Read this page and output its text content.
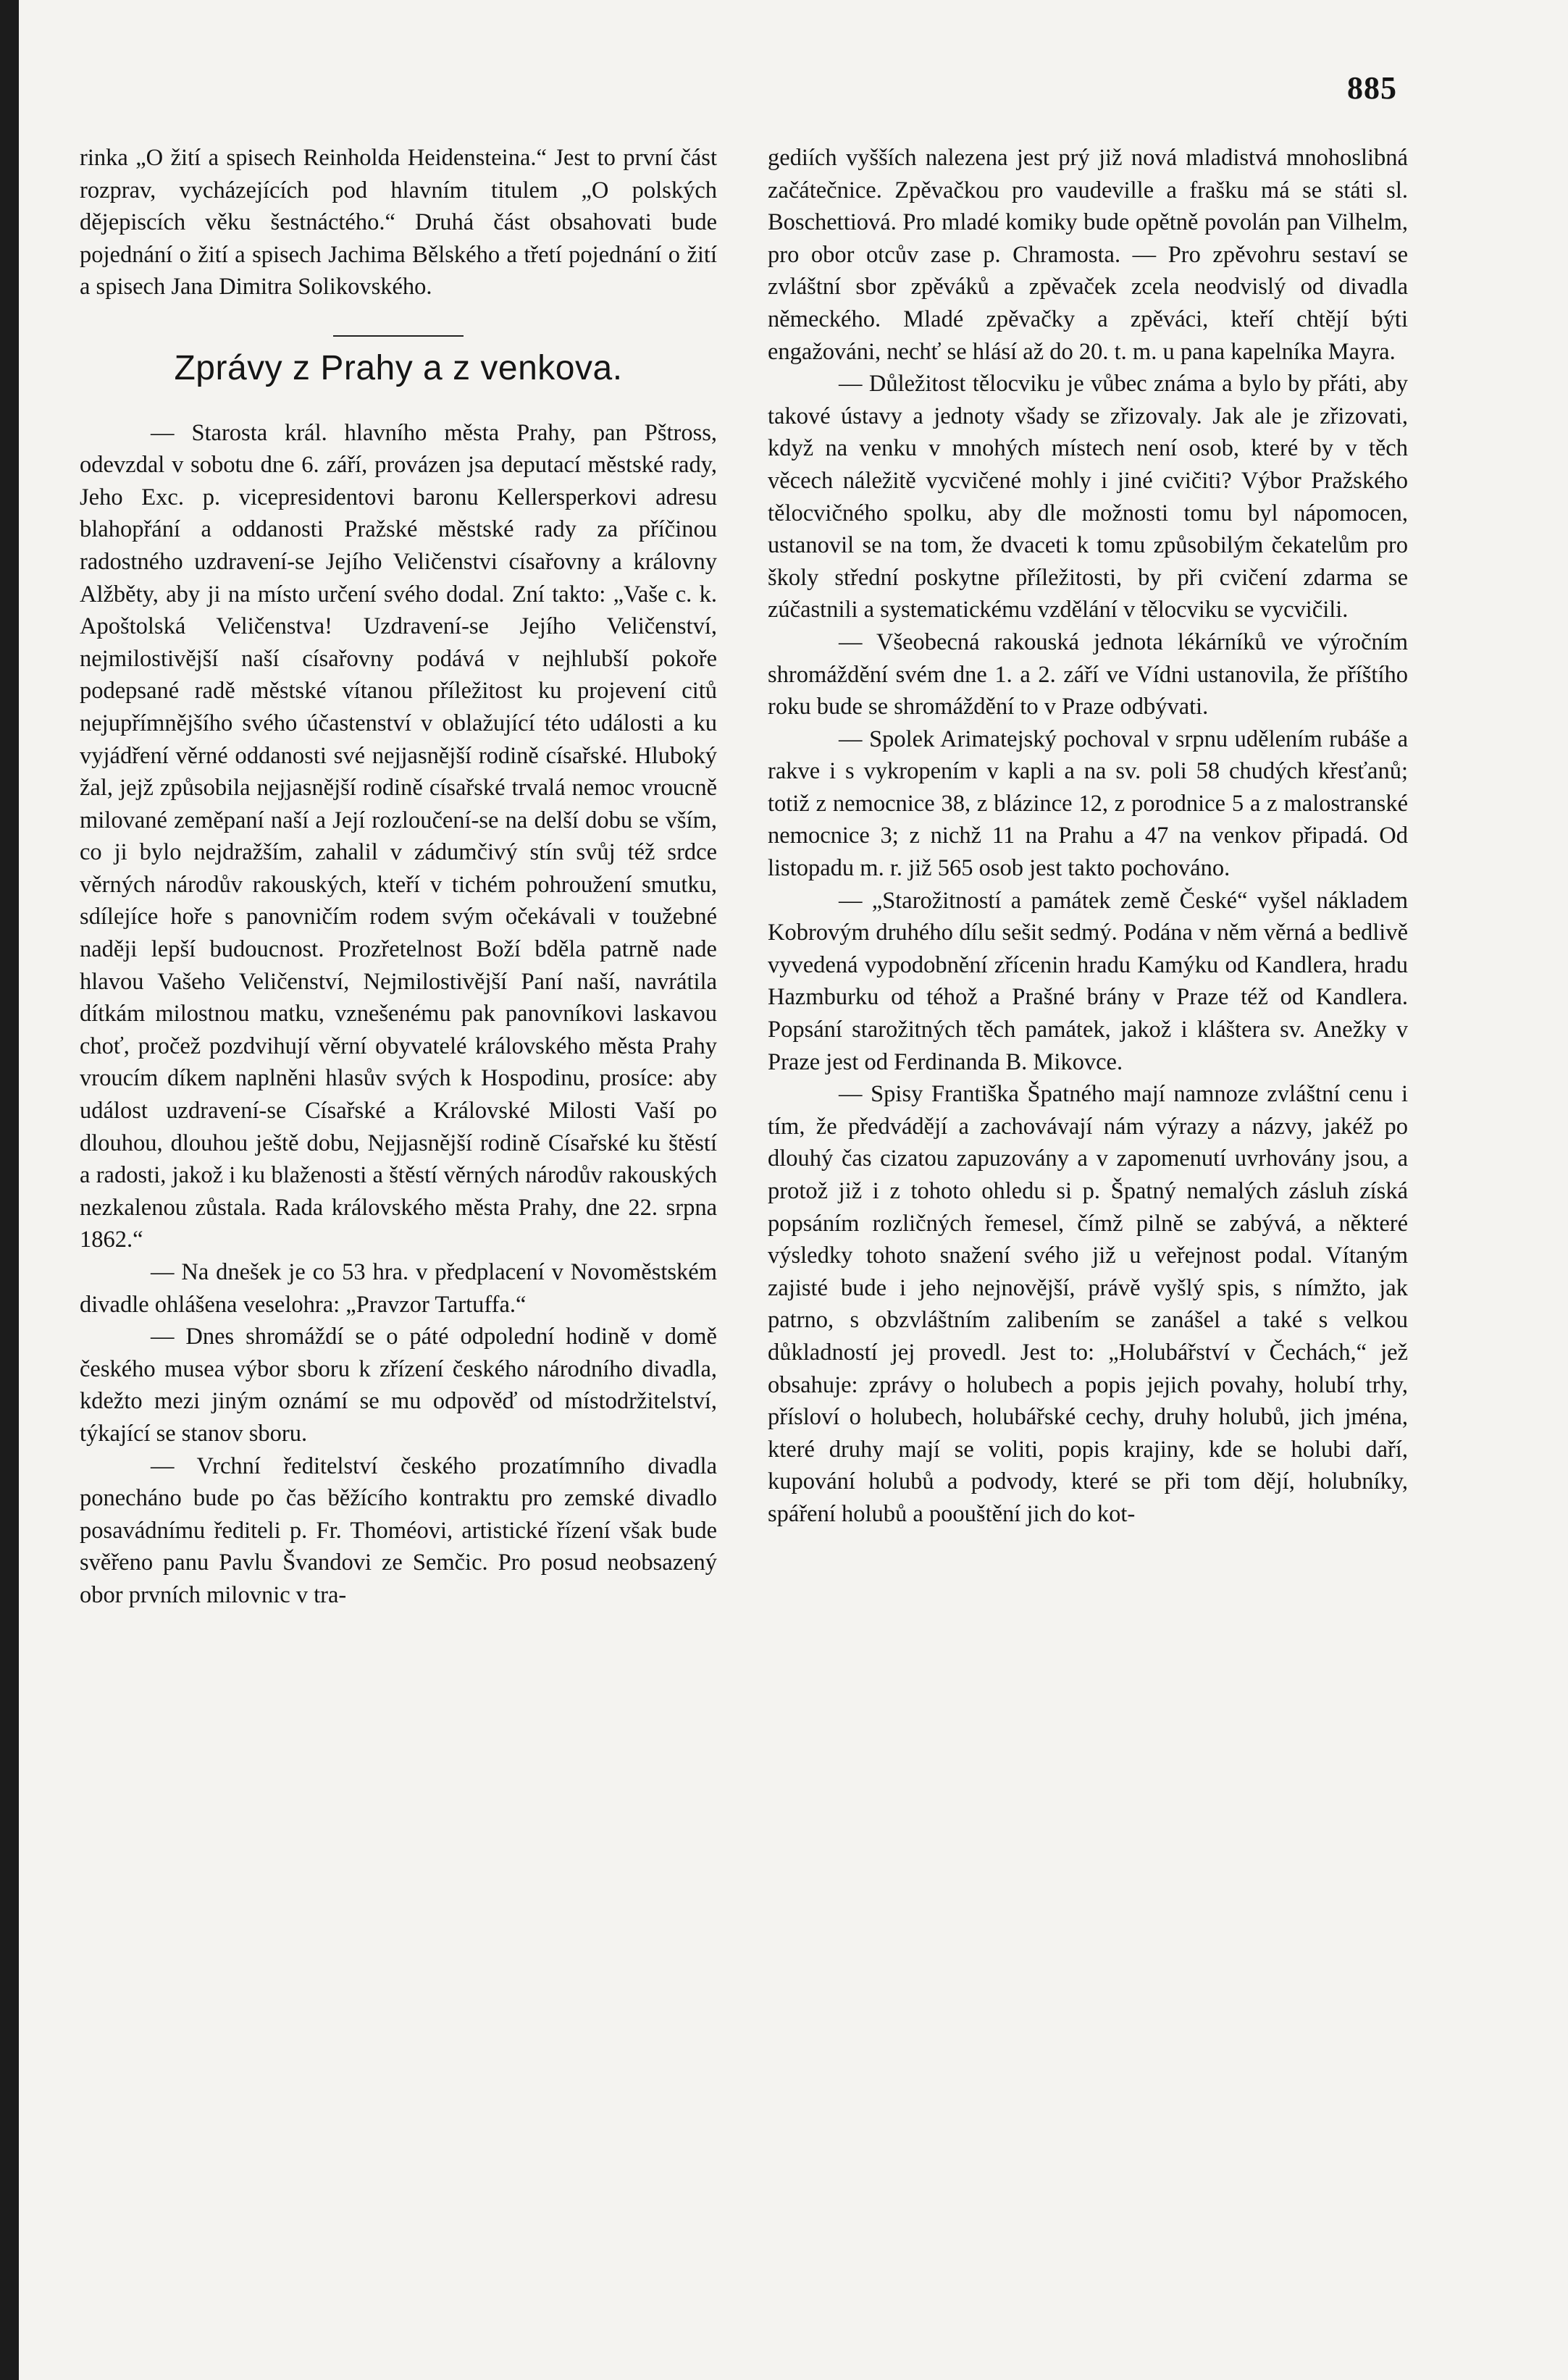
885

rinka „O žití a spisech Reinholda Heidensteina.“ Jest to první část rozprav, vycházejících pod hlavním titulem „O polských dějepiscích věku šestnáctého.“ Druhá část obsahovati bude pojednání o žití a spisech Jachima Bělského a třetí pojednání o žití a spisech Jana Dimitra Solikovského.

Zprávy z Prahy a z venkova.

— Starosta král. hlavního města Prahy, pan Pštross, odevzdal v sobotu dne 6. září, provázen jsa deputací městské rady, Jeho Exc. p. vicepresidentovi baronu Kellersperkovi adresu blahopřání a oddanosti Pražské městské rady za příčinou radostného uzdravení-se Jejího Veličenstvi císařovny a královny Alžběty, aby ji na místo určení svého dodal. Zní takto: „Vaše c. k. Apoštolská Veličenstva! Uzdravení-se Jejího Veličenství, nejmilostivější naší císařovny podává v nejhlubší pokoře podepsané radě městské vítanou příležitost ku projevení citů nejupřímnějšího svého účastenství v oblažující této události a ku vyjádření věrné oddanosti své nejjasnější rodině císařské. Hluboký žal, jejž způsobila nejjasnější rodině císařské trvalá nemoc vroucně milované zeměpaní naší a Její rozloučení-se na delší dobu se vším, co ji bylo nejdražším, zahalil v zádumčivý stín svůj též srdce věrných národův rakouských, kteří v tichém pohroužení smutku, sdílejíce hoře s panovničím rodem svým očekávali v toužebné naději lepší budoucnost. Prozřetelnost Boží bděla patrně nade hlavou Vašeho Veličenství, Nejmilostivější Paní naší, navrátila dítkám milostnou matku, vznešenému pak panovníkovi laskavou choť, pročež pozdvihují věrní obyvatelé královského města Prahy vroucím díkem naplněni hlasův svých k Hospodinu, prosíce: aby událost uzdravení-se Císařské a Královské Milosti Vaší po dlouhou, dlouhou ještě dobu, Nejjasnější rodině Císařské ku štěstí a radosti, jakož i ku blaženosti a štěstí věrných národův rakouských nezkalenou zůstala. Rada královského města Prahy, dne 22. srpna 1862.“

— Na dnešek je co 53 hra. v předplacení v Novoměstském divadle ohlášena veselohra: „Pravzor Tartuffa.“

— Dnes shromáždí se o páté odpolední hodině v domě českého musea výbor sboru k zřízení českého národního divadla, kdežto mezi jiným oznámí se mu odpověď od místodržitelství, týkající se stanov sboru.

— Vrchní ředitelství českého prozatímního divadla ponecháno bude po čas běžícího kontraktu pro zemské divadlo posavádnímu řediteli p. Fr. Thoméovi, artistické řízení však bude svěřeno panu Pavlu Švandovi ze Semčic. Pro posud neobsazený obor prvních milovnic v tra-

gediích vyšších nalezena jest prý již nová mladistvá mnohoslibná začátečnice. Zpěvačkou pro vaudeville a frašku má se státi sl. Boschettiová. Pro mladé komiky bude opětně povolán pan Vilhelm, pro obor otcův zase p. Chramosta. — Pro zpěvohru sestaví se zvláštní sbor zpěváků a zpěvaček zcela neodvislý od divadla německého. Mladé zpěvačky a zpěváci, kteří chtějí býti engažováni, nechť se hlásí až do 20. t. m. u pana kapelníka Mayra.

— Důležitost tělocviku je vůbec známa a bylo by přáti, aby takové ústavy a jednoty všady se zřizovaly. Jak ale je zřizovati, když na venku v mnohých místech není osob, které by v těch věcech náležitě vycvičené mohly i jiné cvičiti? Výbor Pražského tělocvičného spolku, aby dle možnosti tomu byl nápomocen, ustanovil se na tom, že dvaceti k tomu způsobilým čekatelům pro školy střední poskytne příležitosti, by při cvičení zdarma se zúčastnili a systematickému vzdělání v tělocviku se vycvičili.

— Všeobecná rakouská jednota lékárníků ve výročním shromáždění svém dne 1. a 2. září ve Vídni ustanovila, že příštího roku bude se shromáždění to v Praze odbývati.

— Spolek Arimatejský pochoval v srpnu udělením rubáše a rakve i s vykropením v kapli a na sv. poli 58 chudých křesťanů; totiž z nemocnice 38, z blázince 12, z porodnice 5 a z malostranské nemocnice 3; z nichž 11 na Prahu a 47 na venkov připadá. Od listopadu m. r. již 565 osob jest takto pochováno.

— „Starožitností a památek země České“ vyšel nákladem Kobrovým druhého dílu sešit sedmý. Podána v něm věrná a bedlivě vyvedená vypodobnění zřícenin hradu Kamýku od Kandlera, hradu Hazmburku od téhož a Prašné brány v Praze též od Kandlera. Popsání starožitných těch památek, jakož i kláštera sv. Anežky v Praze jest od Ferdinanda B. Mikovce.

— Spisy Františka Špatného mají namnoze zvláštní cenu i tím, že předvádějí a zachovávají nám výrazy a názvy, jakéž po dlouhý čas cizatou zapuzovány a v zapomenutí uvrhovány jsou, a protož již i z tohoto ohledu si p. Špatný nemalých zásluh získá popsáním rozličných řemesel, čímž pilně se zabývá, a některé výsledky tohoto snažení svého již u veřejnost podal. Vítaným zajisté bude i jeho nejnovější, právě vyšlý spis, s nímžto, jak patrno, s obzvláštním zalibením se zanášel a také s velkou důkladností jej provedl. Jest to: „Holubářství v Čechách,“ jež obsahuje: zprávy o holubech a popis jejich povahy, holubí trhy, přísloví o holubech, holubářské cechy, druhy holubů, jich jména, které druhy mají se voliti, popis krajiny, kde se holubi daří, kupování holubů a podvody, které se při tom dějí, holubníky, spáření holubů a poouštění jich do kot-
